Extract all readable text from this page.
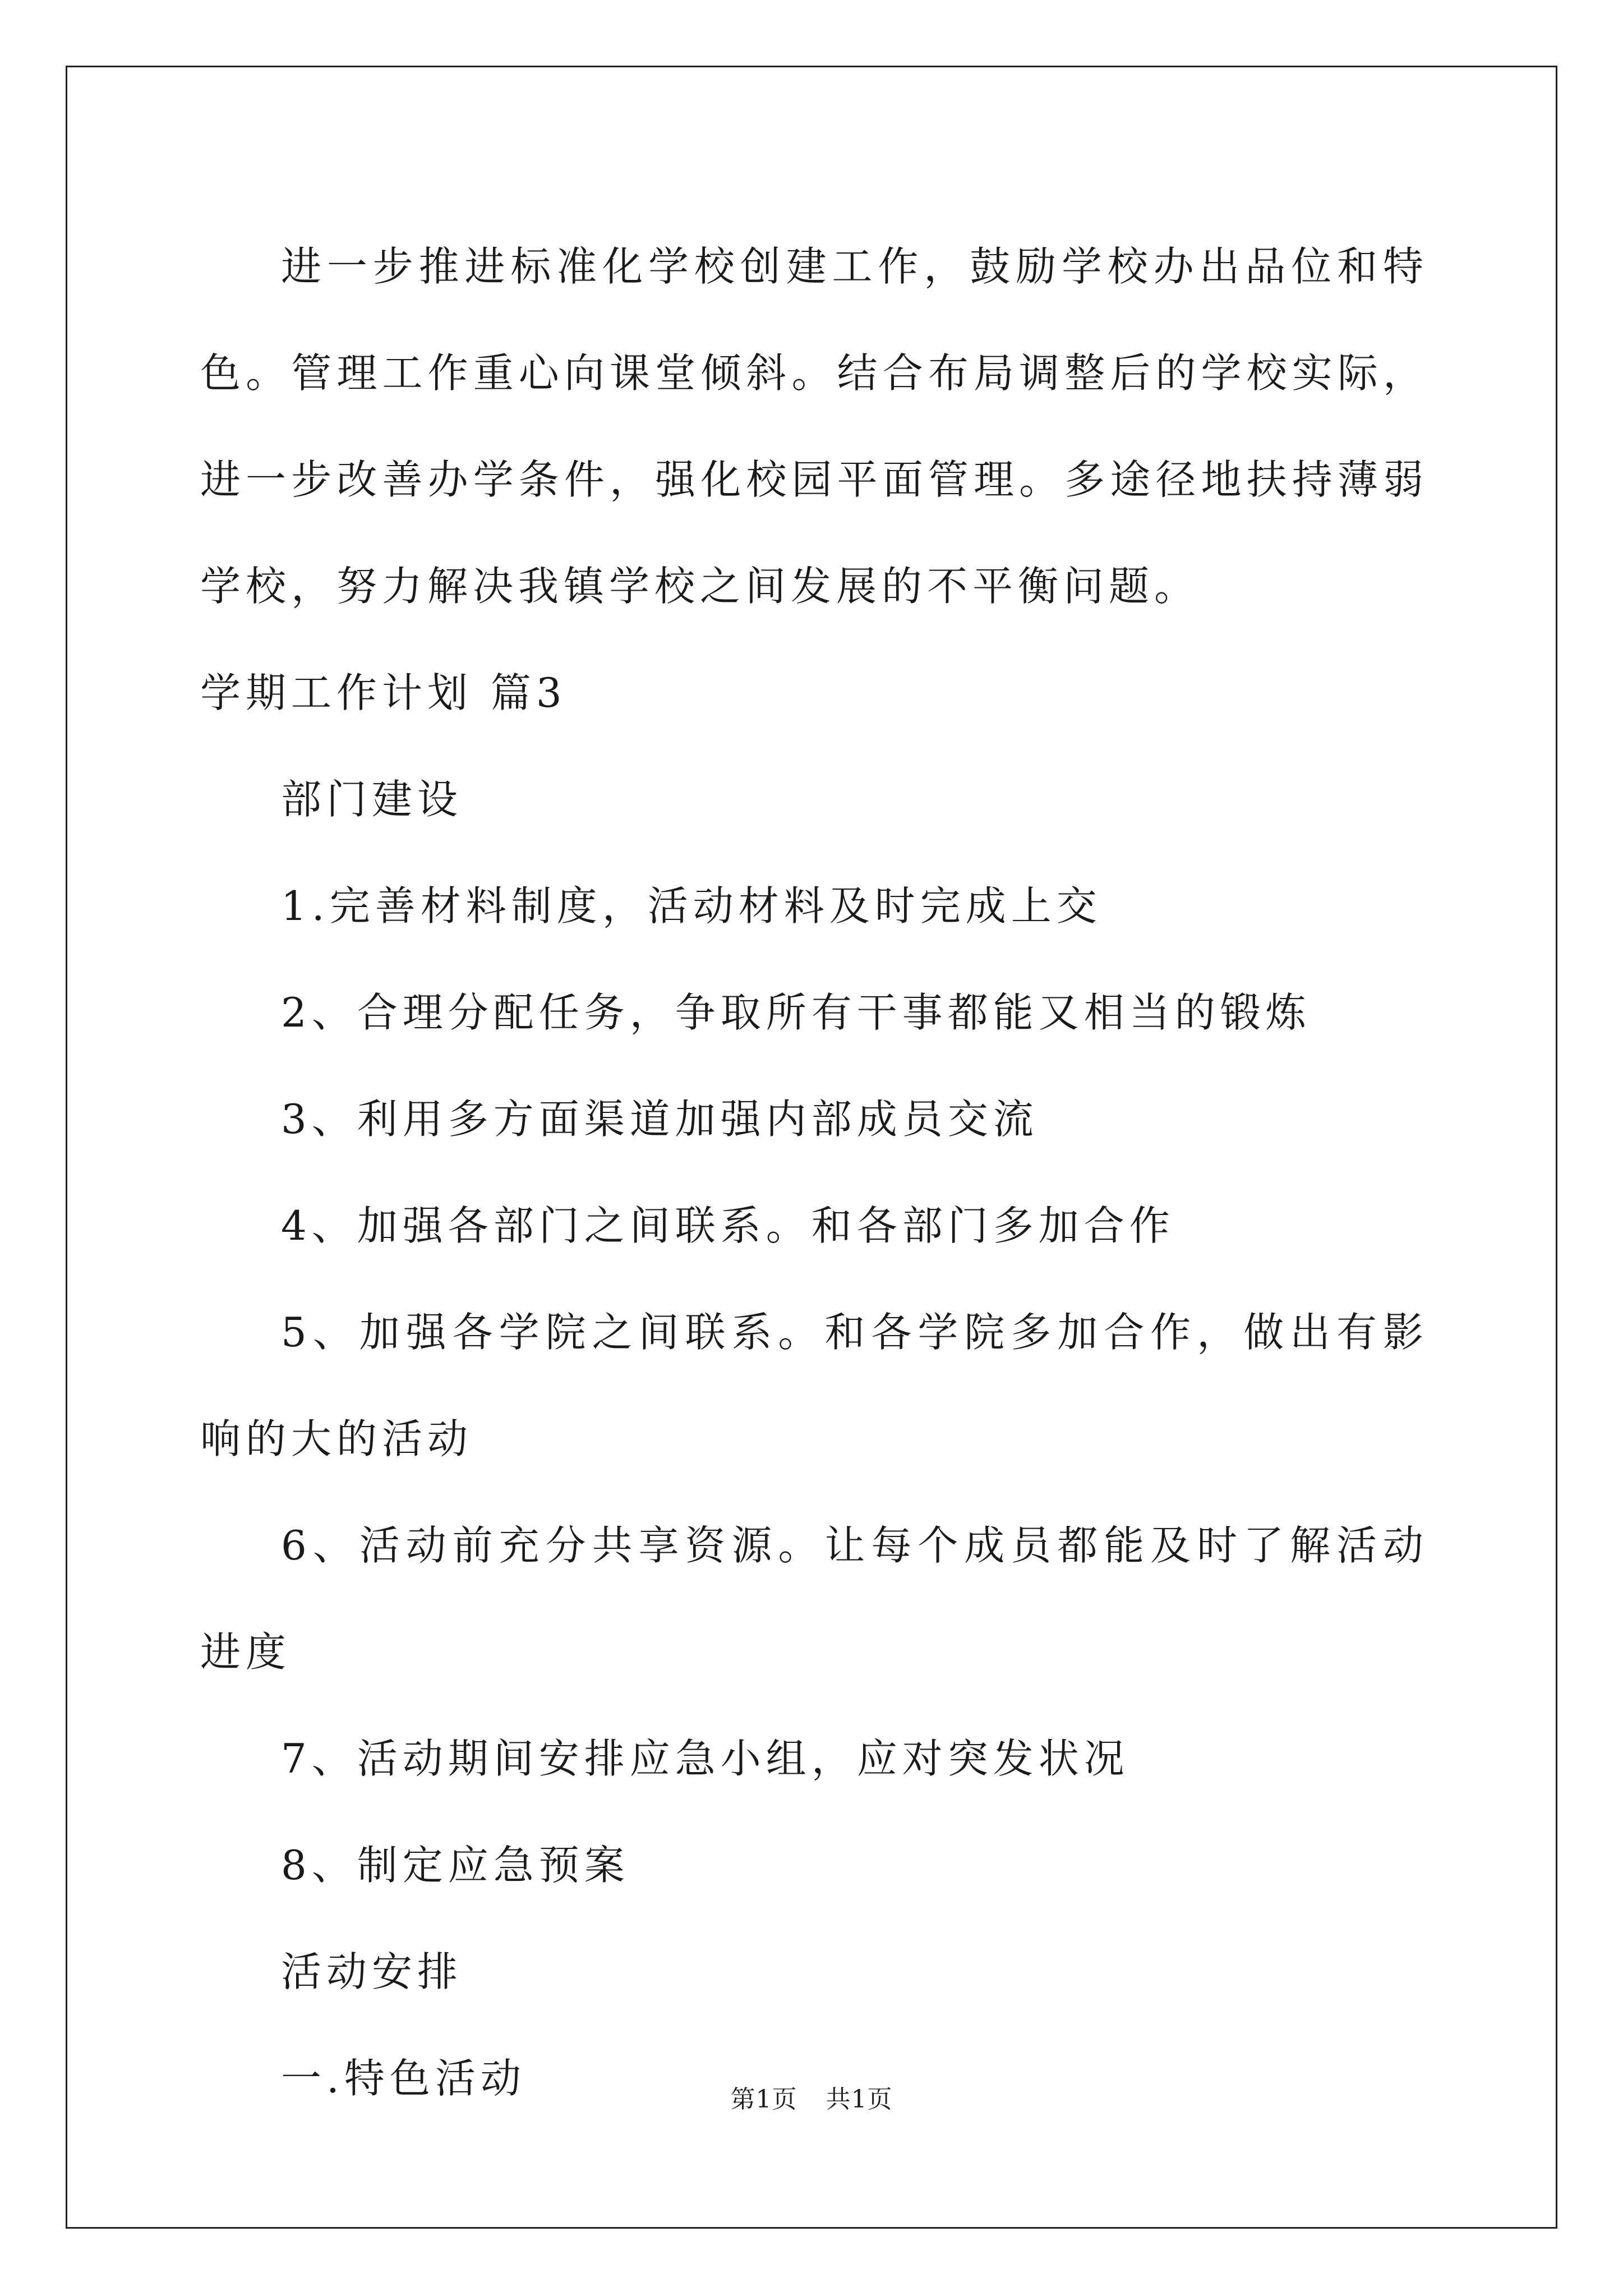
进一步推进标准化学校创建工作，鼓励学校办出品位和特色。管理工作重心向课堂倾斜。结合布局调整后的学校实际，进一步改善办学条件，强化校园平面管理。多途径地扶持薄弱学校，努力解决我镇学校之间发展的不平衡问题。

学期工作计划 篇3

部门建设

1.完善材料制度，活动材料及时完成上交

2、合理分配任务，争取所有干事都能又相当的锻炼

3、利用多方面渠道加强内部成员交流

4、加强各部门之间联系。和各部门多加合作

5、加强各学院之间联系。和各学院多加合作，做出有影响的大的活动

6、活动前充分共享资源。让每个成员都能及时了解活动进度

7、活动期间安排应急小组，应对突发状况

8、制定应急预案

活动安排

一.特色活动	第1页 共1页
